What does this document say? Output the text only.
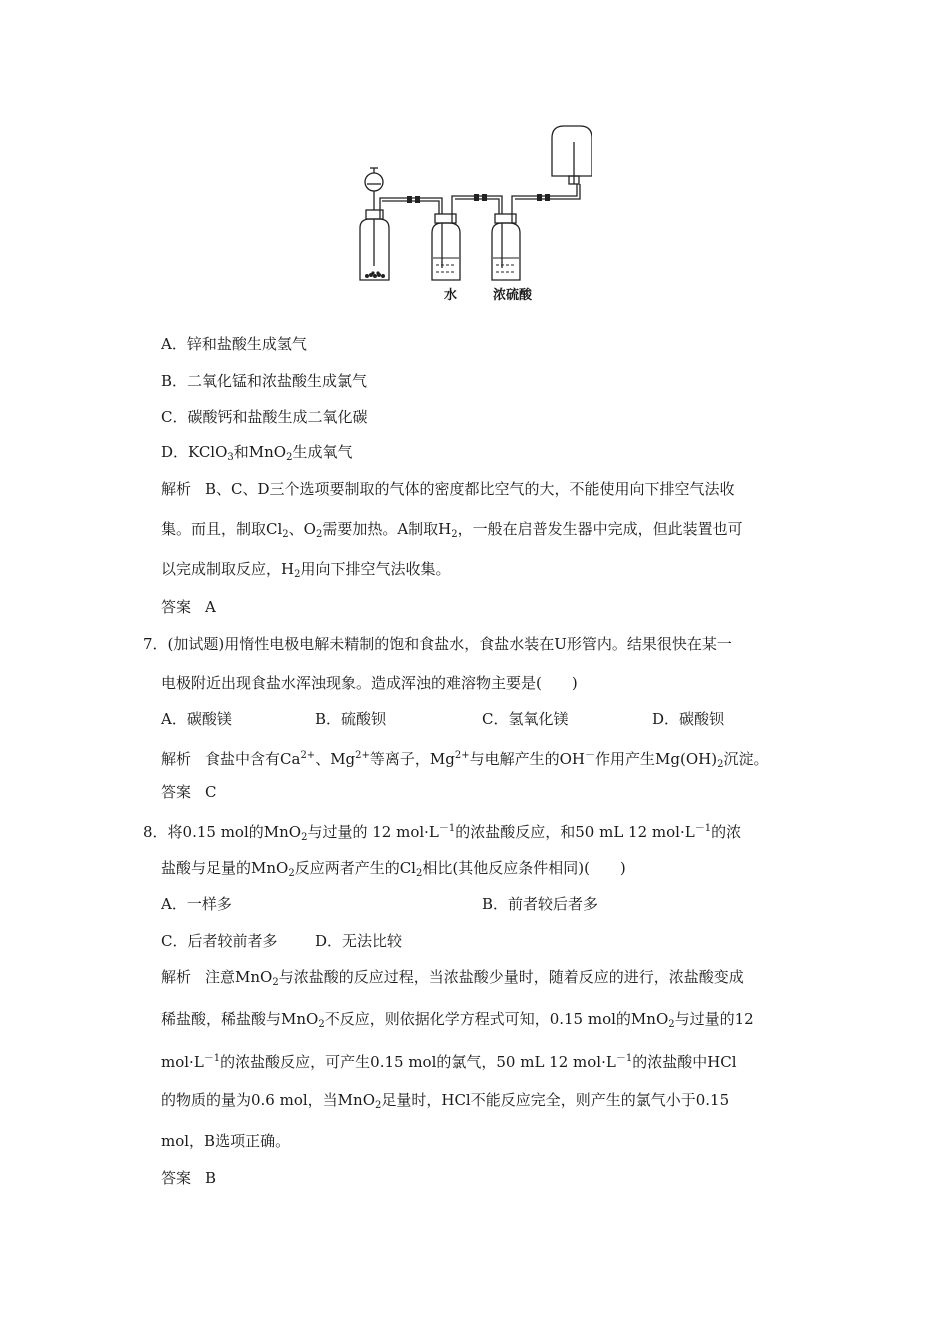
水	浓硫酸
A．锌和盐酸生成氢气
B．二氧化锰和浓盐酸生成氯气
C．碳酸钙和盐酸生成二氧化碳
D．KClO$_3$和MnO$_2$生成氧气
解析 B、C、D三个选项要制取的气体的密度都比空气的大，不能使用向下排空气法收
集。而且，制取$Cl_2$、$O_2$需要加热。A制取$H_2$，一般在启普发生器中完成，但此装置也可
以完成制取反应，$H_2$用向下排空气法收集。
答案 A
7．(加试题)用惰性电极电解未精制的饱和食盐水，食盐水装在U形管内。结果很快在某一
电极附近出现食盐水浑浊现象。造成浑浊的难溶物主要是(　　)
A．碳酸镁	B．硫酸钡	C．氢氧化镁	D．碳酸钡
解析 食盐中含有$Ca^{2+}$、$Mg^{2+}$等离子，$Mg^{2+}$与电解产生的OH－作用产生$Mg(OH)_2$沉淀。
答案 C
8．将0.15 mol的MnO$_2$与过量的 12 $mol\cdot L^{-1}$的浓盐酸反应，和50 mL 12 $mol\cdot L^{-1}$的浓
盐酸与足量的MnO$_2$反应两者产生的$Cl_2$相比(其他反应条件相同)(　　)
A．一样多	B．前者较后者多
C．后者较前者多	D．无法比较
解析 注意MnO$_2$与浓盐酸的反应过程，当浓盐酸少量时，随着反应的进行，浓盐酸变成
稀盐酸，稀盐酸与MnO$_2$不反应，则依据化学方程式可知，0.15 mol的MnO$_2$与过量的12
$mol\cdot L^{-1}$的浓盐酸反应，可产生0.15 mol的氯气，50 mL 12 $mol\cdot L^{-1}$的浓盐酸中HCl
的物质的量为0.6 mol，当MnO$_2$足量时，HCl不能反应完全，则产生的氯气小于0.15
mol，B选项正确。
答案 B
